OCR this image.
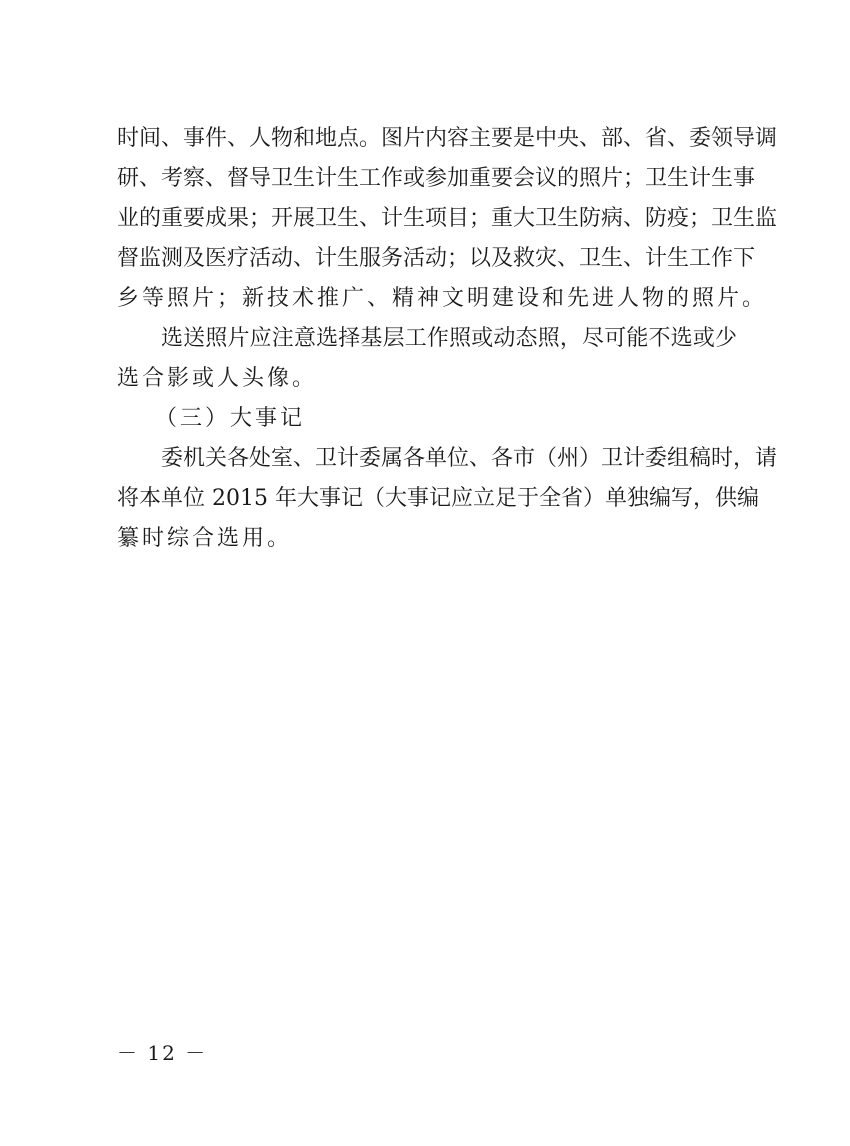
时间、事件、人物和地点。图片内容主要是中央、部、省、委领导调
研、考察、督导卫生计生工作或参加重要会议的照片；卫生计生事
业的重要成果；开展卫生、计生项目；重大卫生防病、防疫；卫生监
督监测及医疗活动、计生服务活动；以及救灾、卫生、计生工作下
乡等照片；新技术推广、精神文明建设和先进人物的照片。
选送照片应注意选择基层工作照或动态照，尽可能不选或少
选合影或人头像。
（三）大事记
委机关各处室、卫计委属各单位、各市（州）卫计委组稿时，请
将本单位 2015 年大事记（大事记应立足于全省）单独编写，供编
纂时综合选用。
－ 12 －
